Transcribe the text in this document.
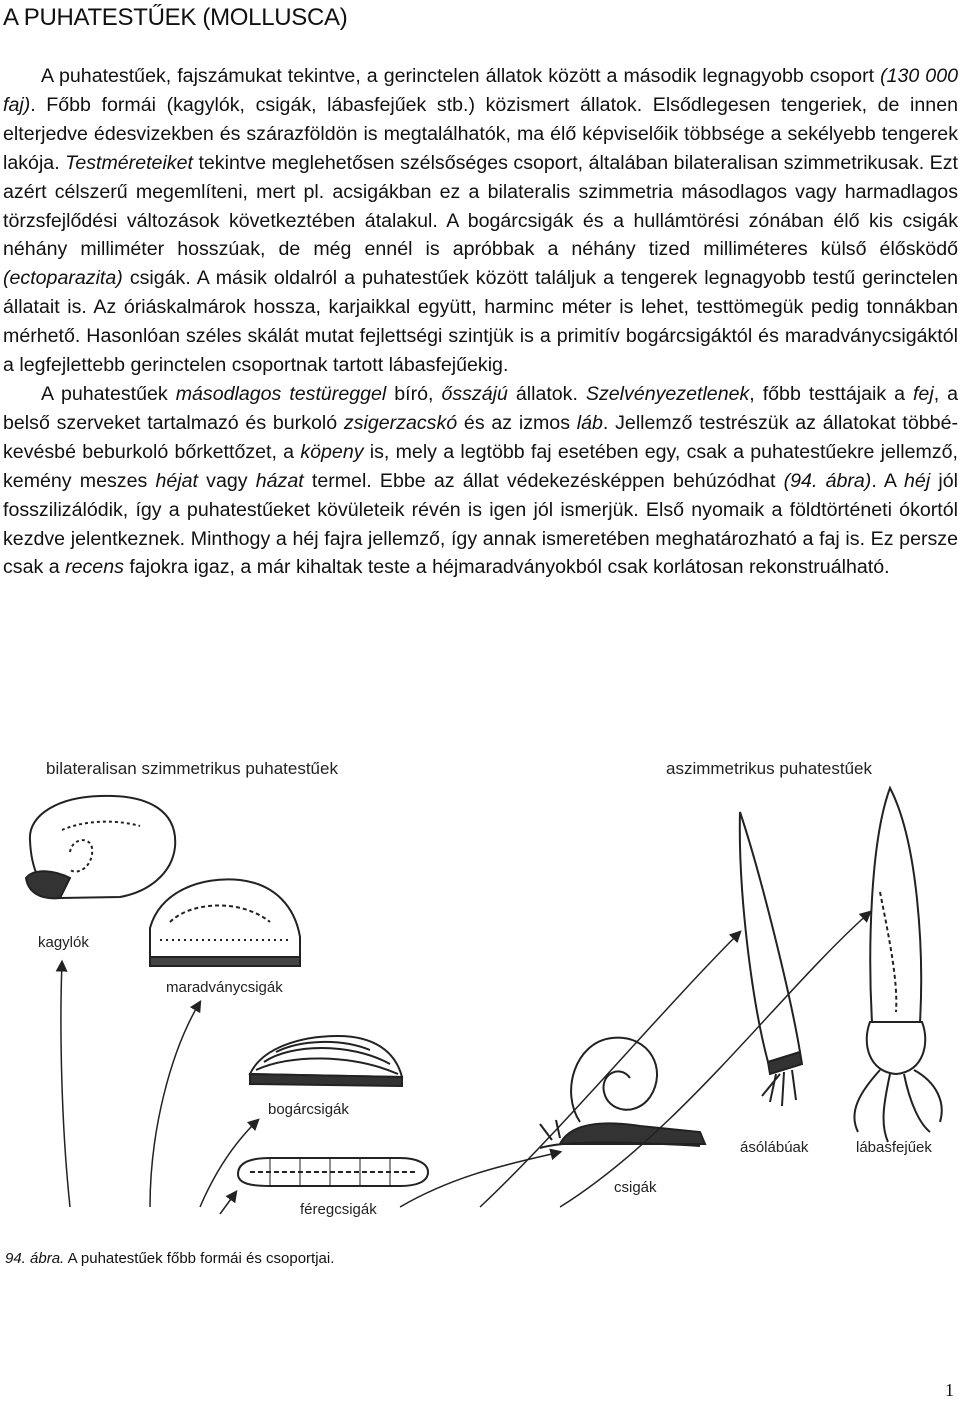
A PUHATESTŰEK (MOLLUSCA)

A puhatestűek, fajszámukat tekintve, a gerinctelen állatok között a második legnagyobb csoport (130 000 faj). Főbb formái (kagylók, csigák, lábasfejűek stb.) közismert állatok. Elsődlegesen tengeriek, de innen elterjedve édesvizekben és szárazföldön is megtalálhatók, ma élő képviselőik többsége a sekélyebb tengerek lakója. Testméreteiket tekintve meglehetősen szélsőséges csoport, általában bilateralisan szimmetrikusak. Ezt azért célszerű megemlíteni, mert pl. acsigákban ez a bilateralis szimmetria másodlagos vagy harmadlagos törzsfejlődési változások következtében átalakul. A bogárcsigák és a hullámtörési zónában élő kis csigák néhány milliméter hosszúak, de még ennél is apróbbak a néhány tized milliméteres külső élősködő (ectoparazita) csigák. A másik oldalról a puhatestűek között találjuk a tengerek legnagyobb testű gerinctelen állatait is. Az óriáskalmárok hossza, karjaikkal együtt, harminc méter is lehet, testtömegük pedig tonnákban mérhető. Hasonlóan széles skálát mutat fejlettségi szintjük is a primitív bogárcsigáktól és maradványcsigáktól a legfejlettebb gerinctelen csoportnak tartott lábasfejűekig.

A puhatestűek másodlagos testüreggel bíró, ősszájú állatok. Szelvényezetlenek, főbb testtájaik a fej, a belső szerveket tartalmazó és burkoló zsigerzacskó és az izmos láb. Jellemző testrészük az állatokat többé-kevésbé beburkoló bőrkettőzet, a köpeny is, mely a legtöbb faj esetében egy, csak a puhatestűekre jellemző, kemény meszes héjat vagy házat termel. Ebbe az állat védekezésképpen behúzódhat (94. ábra). A héj jól fosszilizálódik, így a puhatestűeket kövületeik révén is igen jól ismerjük. Első nyomaik a földtörténeti ókortól kezdve jelentkeznek. Minthogy a héj fajra jellemző, így annak ismeretében meghatározható a faj is. Ez persze csak a recens fajokra igaz, a már kihaltak teste a héjmaradványokból csak korlátosan rekonstruálható.

bilateralisan szimmetrikus puhatestűek	aszimmetrikus puhatestűek
kagylók
maradványcsigák
bogárcsigák
féregcsigák
csigák
ásólábúak	lábasfejűek
94. ábra. A puhatestűek főbb formái és csoportjai.
1
